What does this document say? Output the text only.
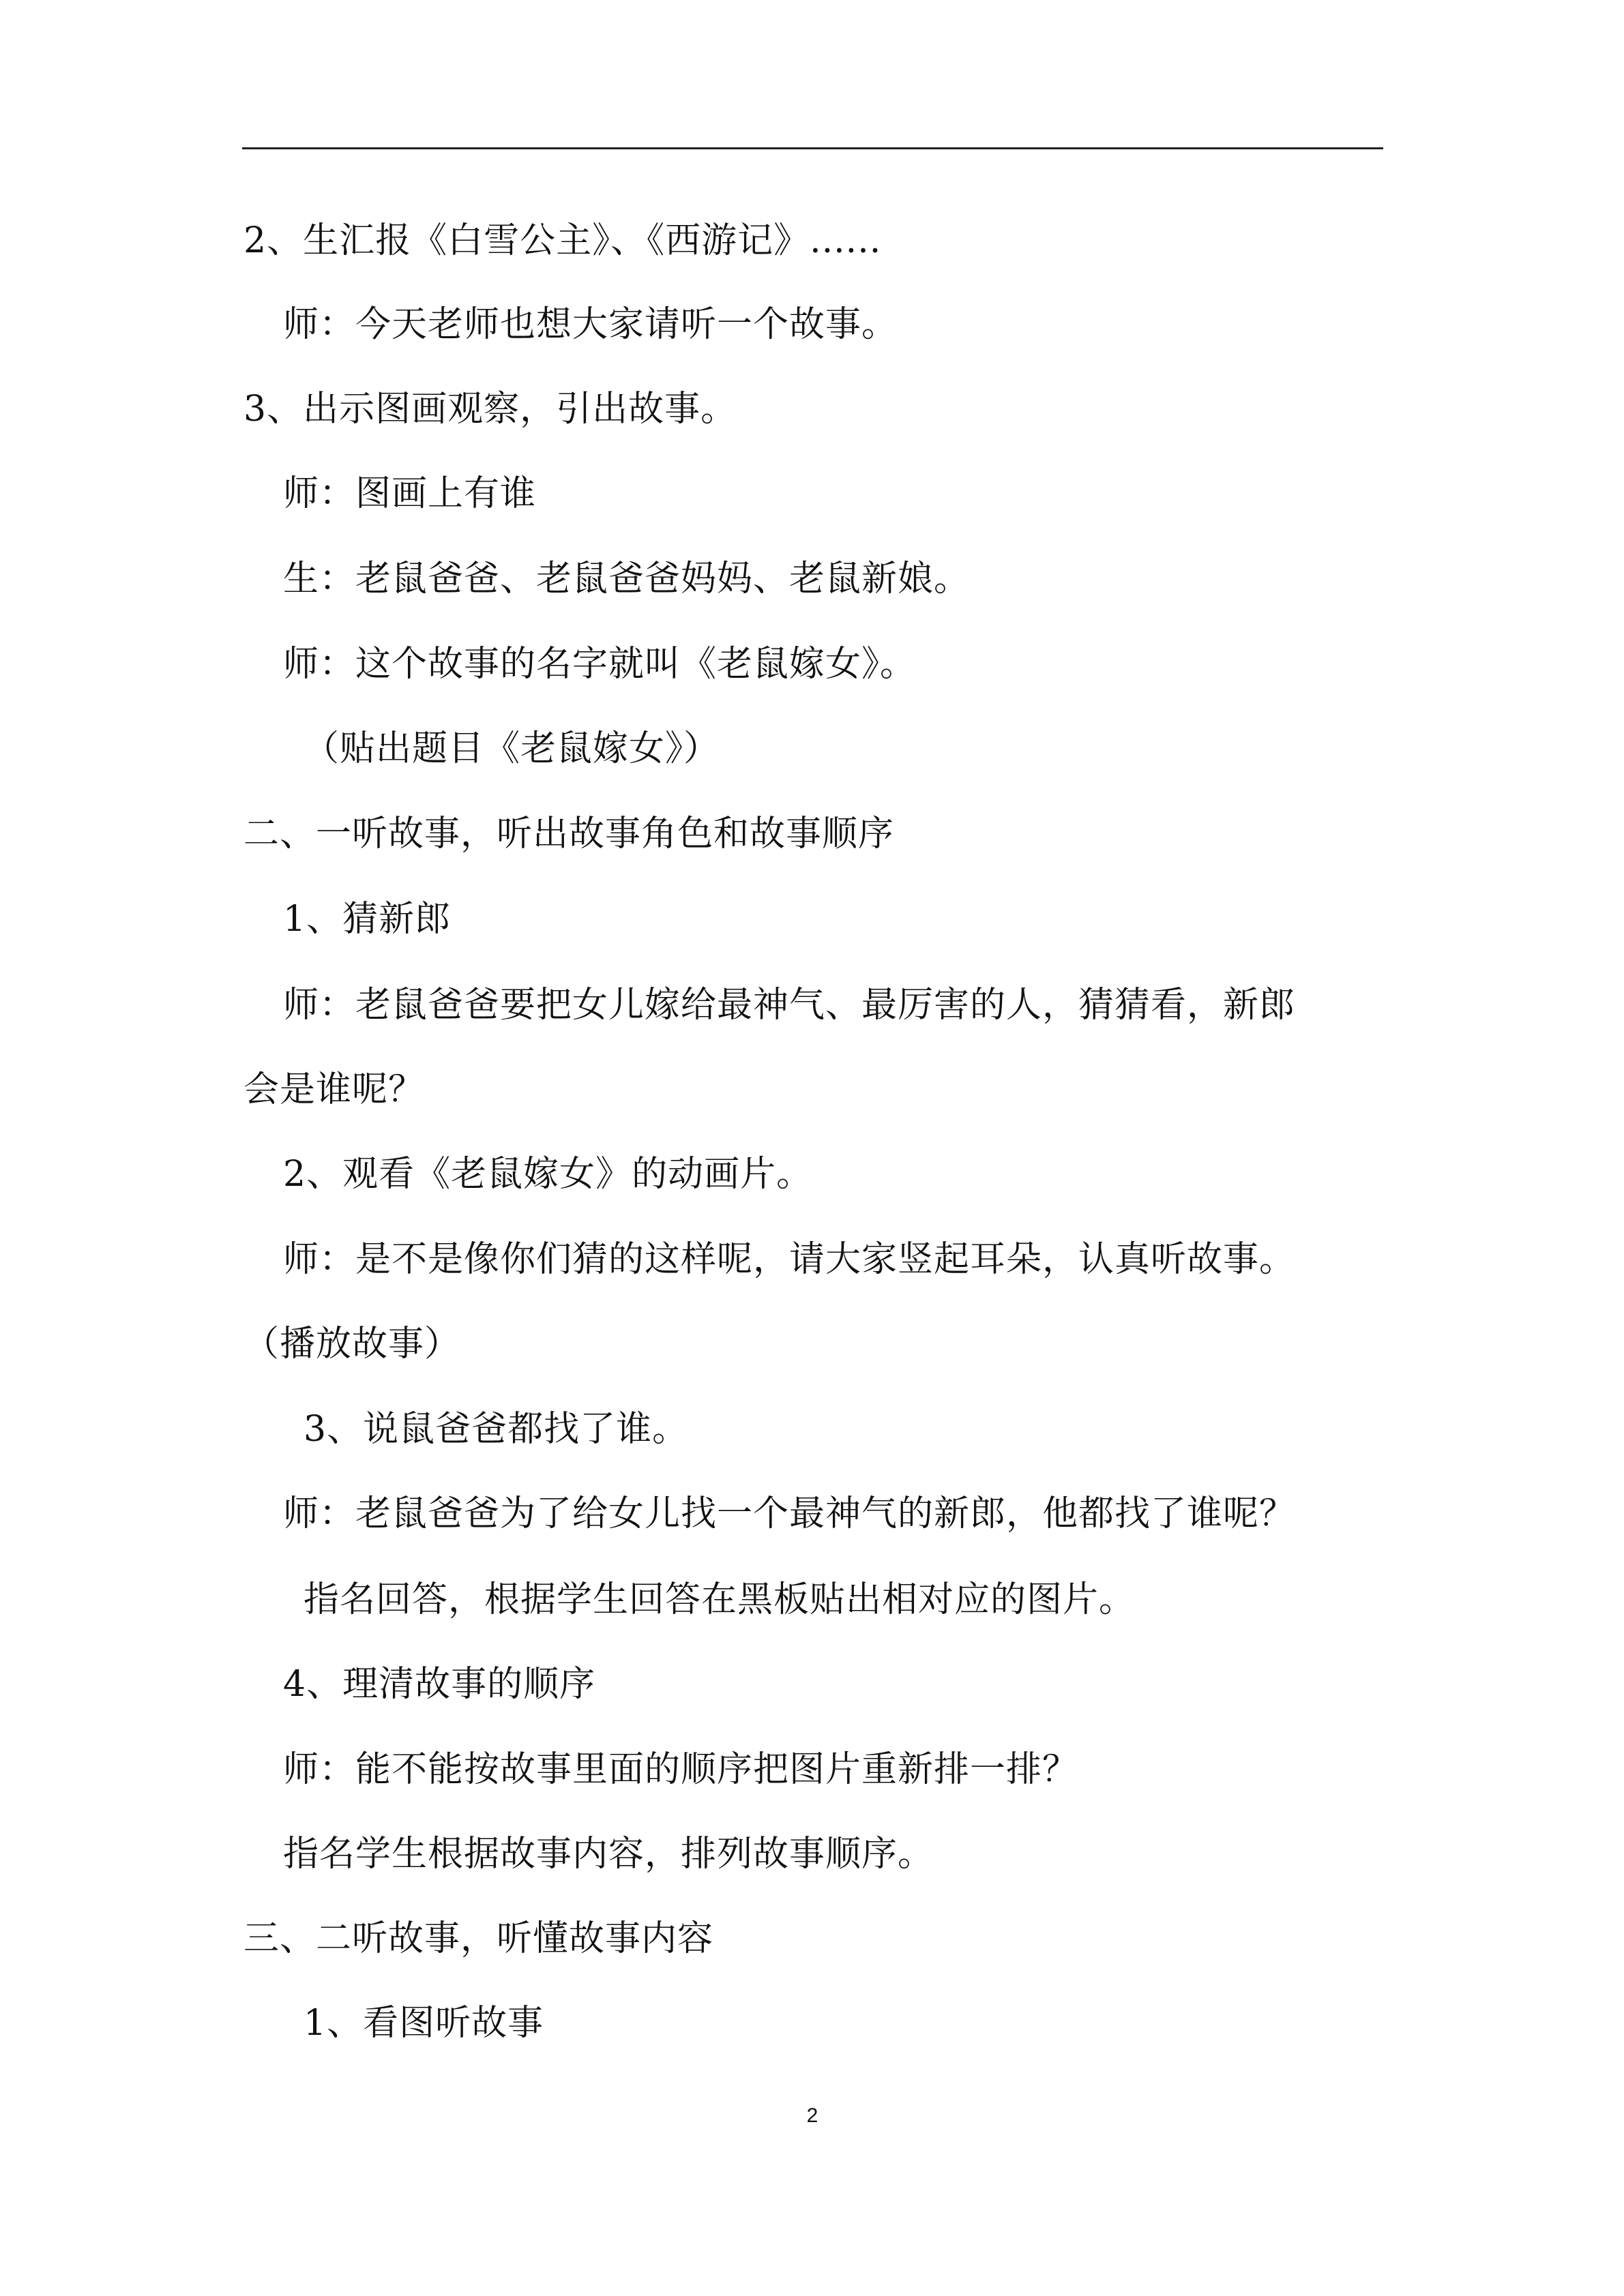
2、生汇报《白雪公主》、《西游记》......
师：今天老师也想大家请听一个故事。
3、出示图画观察，引出故事。
师：图画上有谁
生：老鼠爸爸、老鼠爸爸妈妈、老鼠新娘。
师：这个故事的名字就叫《老鼠嫁女》。
（贴出题目《老鼠嫁女》）
二、一听故事，听出故事角色和故事顺序
1、猜新郎
师：老鼠爸爸要把女儿嫁给最神气、最厉害的人，猜猜看，新郎
会是谁呢？
2、观看《老鼠嫁女》的动画片。
师：是不是像你们猜的这样呢，请大家竖起耳朵，认真听故事。
（播放故事）
3、说鼠爸爸都找了谁。
师：老鼠爸爸为了给女儿找一个最神气的新郎，他都找了谁呢？
指名回答，根据学生回答在黑板贴出相对应的图片。
4、理清故事的顺序
师：能不能按故事里面的顺序把图片重新排一排？
指名学生根据故事内容，排列故事顺序。
三、二听故事，听懂故事内容
1、看图听故事
2
